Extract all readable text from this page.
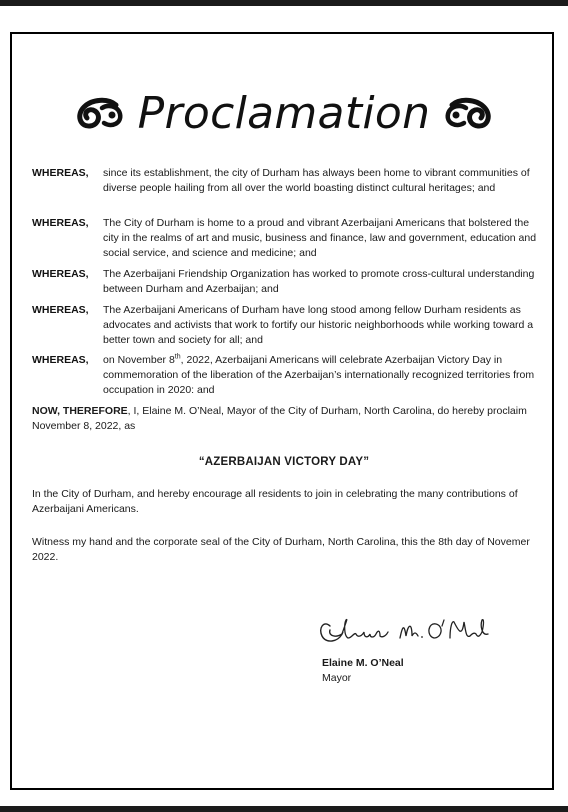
Proclamation
WHEREAS, since its establishment, the city of Durham has always been home to vibrant communities of diverse people hailing from all over the world boasting distinct cultural heritages; and
WHEREAS, The City of Durham is home to a proud and vibrant Azerbaijani Americans that bolstered the city in the realms of art and music, business and finance, law and government, education and social service, and science and medicine; and
WHEREAS, The Azerbaijani Friendship Organization has worked to promote cross-cultural understanding between Durham and Azerbaijan; and
WHEREAS, The Azerbaijani Americans of Durham have long stood among fellow Durham residents as advocates and activists that work to fortify our historic neighborhoods while working toward a better town and society for all; and
WHEREAS, on November 8th, 2022, Azerbaijani Americans will celebrate Azerbaijan Victory Day in commemoration of the liberation of the Azerbaijan’s internationally recognized territories from occupation in 2020: and
NOW, THEREFORE, I, Elaine M. O’Neal, Mayor of the City of Durham, North Carolina, do hereby proclaim November 8, 2022, as
“AZERBAIJAN VICTORY DAY”
In the City of Durham, and hereby encourage all residents to join in celebrating the many contributions of Azerbaijani Americans.
Witness my hand and the corporate seal of the City of Durham, North Carolina, this the 8th day of Novemer 2022.
Elaine M. O’Neal
Mayor
